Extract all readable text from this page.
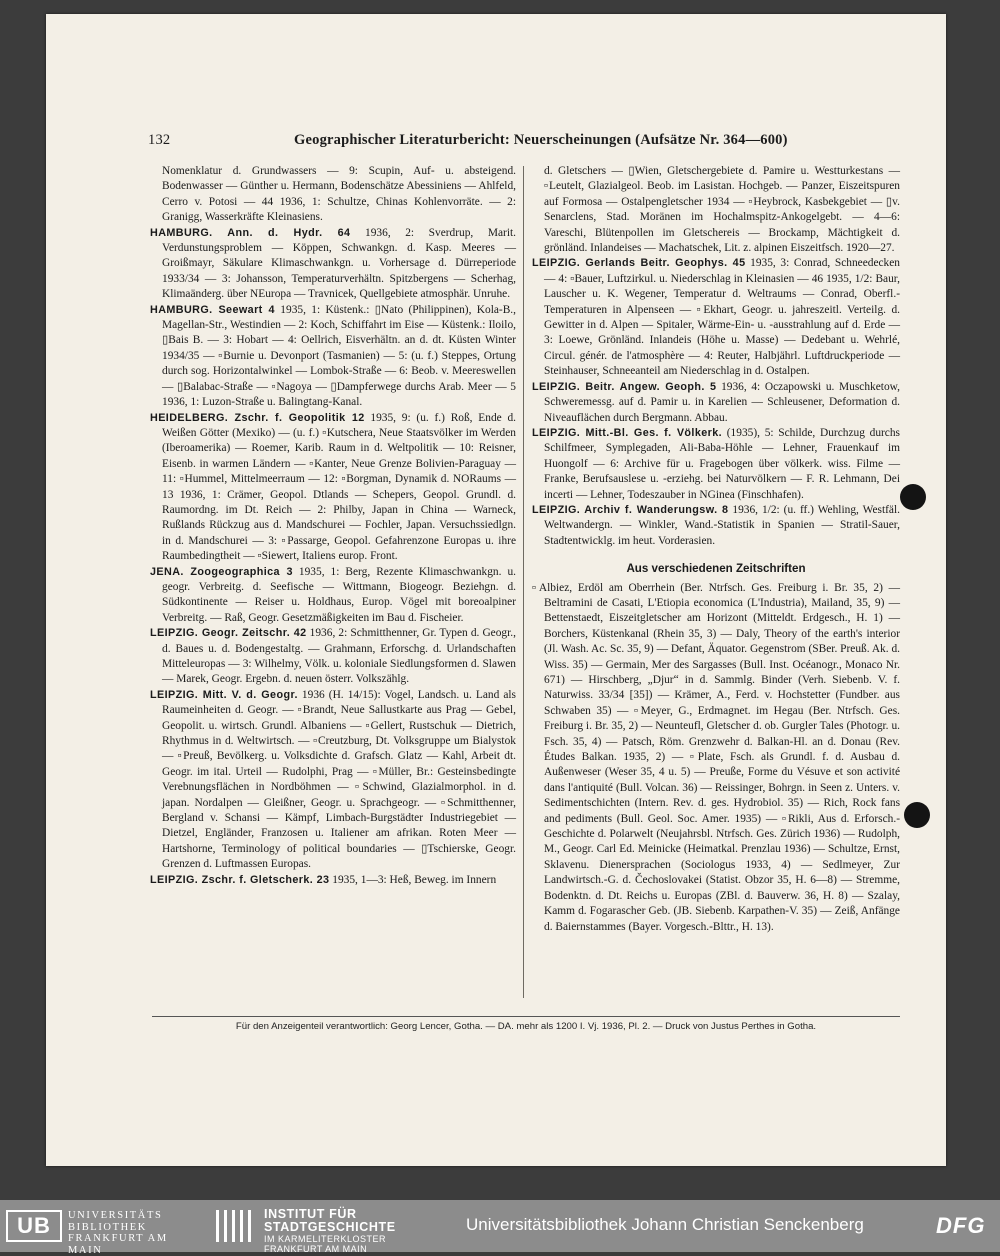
132	Geographischer Literaturbericht: Neuerscheinungen (Aufsätze Nr. 364—600)

Nomenklatur d. Grundwassers — 9: Scupin, Auf- u. absteigend. Bodenwasser — Günther u. Hermann, Bodenschätze Abessiniens — Ahlfeld, Cerro v. Potosi — 44 1936, 1: Schultze, Chinas Kohlenvorräte. — 2: Granigg, Wasserkräfte Kleinasiens.

HAMBURG. Ann. d. Hydr. 64 1936, 2: Sverdrup, Marit. Verdunstungsproblem — Köppen, Schwankgn. d. Kasp. Meeres — Groißmayr, Säkulare Klimaschwankgn. u. Vorhersage d. Dürreperiode 1933/34 — 3: Johansson, Temperaturverhältn. Spitzbergens — Scherhag, Klimaänderg. über NEuropa — Travnicek, Quellgebiete atmosphär. Unruhe.

HAMBURG. Seewart 4 1935, 1: Küstenk.: ▯Nato (Philippinen), Kola-B., Magellan-Str., Westindien — 2: Koch, Schiffahrt im Eise — Küstenk.: Iloilo, ▯Bais B. — 3: Hobart — 4: Oellrich, Eisverhältn. an d. dt. Küsten Winter 1934/35 — ▫Burnie u. Devonport (Tasmanien) — 5: (u. f.) Steppes, Ortung durch sog. Horizontalwinkel — Lombok-Straße — 6: Beob. v. Meereswellen — ▯Balabac-Straße — ▫Nagoya — ▯Dampferwege durchs Arab. Meer — 5 1936, 1: Luzon-Straße u. Balingtang-Kanal.

HEIDELBERG. Zschr. f. Geopolitik 12 1935, 9: (u. f.) Roß, Ende d. Weißen Götter (Mexiko) — (u. f.) ▫Kutschera, Neue Staatsvölker im Werden (Iberoamerika) — Roemer, Karib. Raum in d. Weltpolitik — 10: Reisner, Eisenb. in warmen Ländern — ▫Kanter, Neue Grenze Bolivien-Paraguay — 11: ▫Hummel, Mittelmeerraum — 12: ▫Borgman, Dynamik d. NORaums — 13 1936, 1: Crämer, Geopol. Dtlands — Schepers, Geopol. Grundl. d. Raumordng. im Dt. Reich — 2: Philby, Japan in China — Warneck, Rußlands Rückzug aus d. Mandschurei — Fochler, Japan. Versuchssiedlgn. in d. Mandschurei — 3: ▫Passarge, Geopol. Gefahrenzone Europas u. ihre Raumbedingtheit — ▫Siewert, Italiens europ. Front.

JENA. Zoogeographica 3 1935, 1: Berg, Rezente Klimaschwankgn. u. geogr. Verbreitg. d. Seefische — Wittmann, Biogeogr. Beziehgn. d. Südkontinente — Reiser u. Holdhaus, Europ. Vögel mit boreoalpiner Verbreitg. — Raß, Geogr. Gesetzmäßigkeiten im Bau d. Fischeier.

LEIPZIG. Geogr. Zeitschr. 42 1936, 2: Schmitthenner, Gr. Typen d. Geogr., d. Baues u. d. Bodengestaltg. — Grahmann, Erforschg. d. Urlandschaften Mitteleuropas — 3: Wilhelmy, Völk. u. koloniale Siedlungsformen d. Slawen — Marek, Geogr. Ergebn. d. neuen österr. Volkszählg.

LEIPZIG. Mitt. V. d. Geogr. 1936 (H. 14/15): Vogel, Landsch. u. Land als Raumeinheiten d. Geogr. — ▫Brandt, Neue Sallustkarte aus Prag — Gebel, Geopolit. u. wirtsch. Grundl. Albaniens — ▫Gellert, Rustschuk — Dietrich, Rhythmus in d. Weltwirtsch. — ▫Creutzburg, Dt. Volksgruppe um Bialystok — ▫Preuß, Bevölkerg. u. Volksdichte d. Grafsch. Glatz — Kahl, Arbeit dt. Geogr. im ital. Urteil — Rudolphi, Prag — ▫Müller, Br.: Gesteinsbedingte Verebnungsflächen in Nordböhmen — ▫Schwind, Glazialmorphol. in d. japan. Nordalpen — Gleißner, Geogr. u. Sprachgeogr. — ▫Schmitthenner, Bergland v. Schansi — Kämpf, Limbach-Burgstädter Industriegebiet — Dietzel, Engländer, Franzosen u. Italiener am afrikan. Roten Meer — Hartshorne, Terminology of political boundaries — ▯Tschierske, Geogr. Grenzen d. Luftmassen Europas.

LEIPZIG. Zschr. f. Gletscherk. 23 1935, 1—3: Heß, Beweg. im Innern

d. Gletschers — ▯Wien, Gletschergebiete d. Pamire u. Westturkestans — ▫Leutelt, Glazialgeol. Beob. im Lasistan. Hochgeb. — Panzer, Eiszeitspuren auf Formosa — Ostalpengletscher 1934 — ▫Heybrock, Kasbekgebiet — ▯v. Senarclens, Stad. Moränen im Hochalmspitz-Ankogelgebt. — 4—6: Vareschi, Blütenpollen im Gletschereis — Brockamp, Mächtigkeit d. grönländ. Inlandeises — Machatschek, Lit. z. alpinen Eiszeitfsch. 1920—27.

LEIPZIG. Gerlands Beitr. Geophys. 45 1935, 3: Conrad, Schneedecken — 4: ▫Bauer, Luftzirkul. u. Niederschlag in Kleinasien — 46 1935, 1/2: Baur, Lauscher u. K. Wegener, Temperatur d. Weltraums — Conrad, Oberfl.-Temperaturen in Alpenseen — ▫Ekhart, Geogr. u. jahreszeitl. Verteilg. d. Gewitter in d. Alpen — Spitaler, Wärme-Ein- u. -ausstrahlung auf d. Erde — 3: Loewe, Grönländ. Inlandeis (Höhe u. Masse) — Dedebant u. Wehrlé, Circul. génér. de l'atmosphère — 4: Reuter, Halbjährl. Luftdruckperiode — Steinhauser, Schneeanteil am Niederschlag in d. Ostalpen.

LEIPZIG. Beitr. Angew. Geoph. 5 1936, 4: Oczapowski u. Muschketow, Schweremessg. auf d. Pamir u. in Karelien — Schleusener, Deformation d. Niveauflächen durch Bergmann. Abbau.

LEIPZIG. Mitt.-Bl. Ges. f. Völkerk. (1935), 5: Schilde, Durchzug durchs Schilfmeer, Symplegaden, Ali-Baba-Höhle — Lehner, Frauenkauf im Huongolf — 6: Archive für u. Fragebogen über völkerk. wiss. Filme — Franke, Berufsauslese u. -erziehg. bei Naturvölkern — F. R. Lehmann, Dei incerti — Lehner, Todeszauber in NGinea (Finschhafen).

LEIPZIG. Archiv f. Wanderungsw. 8 1936, 1/2: (u. ff.) Wehling, Westfäl. Weltwandergn. — Winkler, Wand.-Statistik in Spanien — Stratil-Sauer, Stadtentwicklg. im heut. Vorderasien.

Aus verschiedenen Zeitschriften

▫Albiez, Erdöl am Oberrhein (Ber. Ntrfsch. Ges. Freiburg i. Br. 35, 2) — Beltramini de Casati, L'Etiopia economica (L'Industria), Mailand, 35, 9) — Bettenstaedt, Eiszeitgletscher am Horizont (Mitteldt. Erdgesch., H. 1) — Borchers, Küstenkanal (Rhein 35, 3) — Daly, Theory of the earth's interior (Jl. Wash. Ac. Sc. 35, 9) — Defant, Äquator. Gegenstrom (SBer. Preuß. Ak. d. Wiss. 35) — Germain, Mer des Sargasses (Bull. Inst. Océanogr., Monaco Nr. 671) — Hirschberg, „Djur“ in d. Sammlg. Binder (Verh. Siebenb. V. f. Naturwiss. 33/34 [35]) — Krämer, A., Ferd. v. Hochstetter (Fundber. aus Schwaben 35) — ▫Meyer, G., Erdmagnet. im Hegau (Ber. Ntrfsch. Ges. Freiburg i. Br. 35, 2) — Neunteufl, Gletscher d. ob. Gurgler Tales (Photogr. u. Fsch. 35, 4) — Patsch, Röm. Grenzwehr d. Balkan-Hl. an d. Donau (Rev. Études Balkan. 1935, 2) — ▫Plate, Fsch. als Grundl. f. d. Ausbau d. Außenweser (Weser 35, 4 u. 5) — Preuße, Forme du Vésuve et son activité dans l'antiquité (Bull. Volcan. 36) — Reissinger, Bohrgn. in Seen z. Unters. v. Sedimentschichten (Intern. Rev. d. ges. Hydrobiol. 35) — Rich, Rock fans and pediments (Bull. Geol. Soc. Amer. 1935) — ▫Rikli, Aus d. Erforsch.-Geschichte d. Polarwelt (Neujahrsbl. Ntrfsch. Ges. Zürich 1936) — Rudolph, M., Geogr. Carl Ed. Meinicke (Heimatkal. Prenzlau 1936) — Schultze, Ernst, Sklavenu. Dienersprachen (Sociologus 1933, 4) — Sedlmeyer, Zur Landwirtsch.-G. d. Čechoslovakei (Statist. Obzor 35, H. 6—8) — Stremme, Bodenktn. d. Dt. Reichs u. Europas (ZBl. d. Bauverw. 36, H. 8) — Szalay, Kamm d. Fogarascher Geb. (JB. Siebenb. Karpathen-V. 35) — Zeiß, Anfänge d. Baiernstammes (Bayer. Vorgesch.-Blttr., H. 13).

Für den Anzeigenteil verantwortlich: Georg Lencer, Gotha. — DA. mehr als 1200 I. Vj. 1936, Pl. 2. — Druck von Justus Perthes in Gotha.
UB	UNIVERSITÄTS
BIBLIOTHEK
FRANKFURT AM MAIN
INSTITUT FÜR
STADTGESCHICHTE
IM KARMELITERKLOSTER
FRANKFURT AM MAIN
Universitätsbibliothek Johann Christian Senckenberg	DFG
